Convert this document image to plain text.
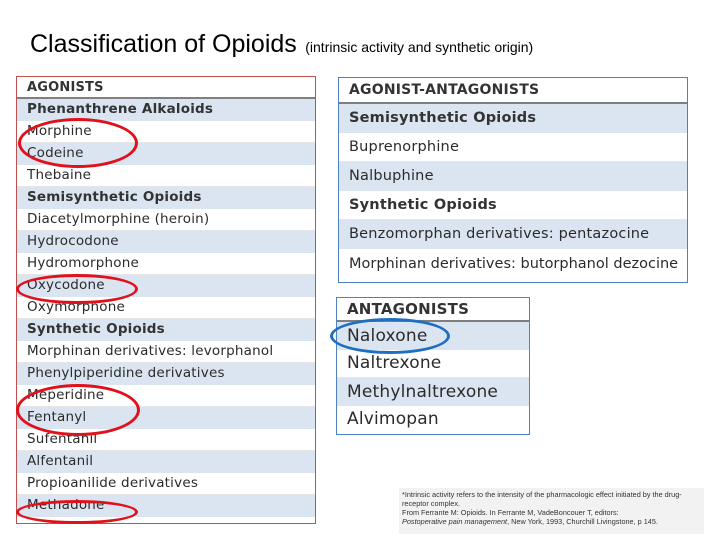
Classification of Opioids (intrinsic activity and synthetic origin)
AGONISTS
Phenanthrene Alkaloids
Morphine
Codeine
Thebaine
Semisynthetic Opioids
Diacetylmorphine (heroin)
Hydrocodone
Hydromorphone
Oxycodone
Oxymorphone
Synthetic Opioids
Morphinan derivatives: levorphanol
Phenylpiperidine derivatives
Meperidine
Fentanyl
Sufentanil
Alfentanil
Propioanilide derivatives
Methadone
AGONIST-ANTAGONISTS
Semisynthetic Opioids
Buprenorphine
Nalbuphine
Synthetic Opioids
Benzomorphan derivatives: pentazocine
Morphinan derivatives: butorphanol dezocine
ANTAGONISTS
Naloxone
Naltrexone
Methylnaltrexone
Alvimopan
*Intrinsic activity refers to the intensity of the pharmacologic effect initiated by the drug-receptor complex.
From Ferrante M: Opioids. In Ferrante M, VadeBoncouer T, editors:
Postoperative pain management, New York, 1993, Churchill Livingstone, p 145.
